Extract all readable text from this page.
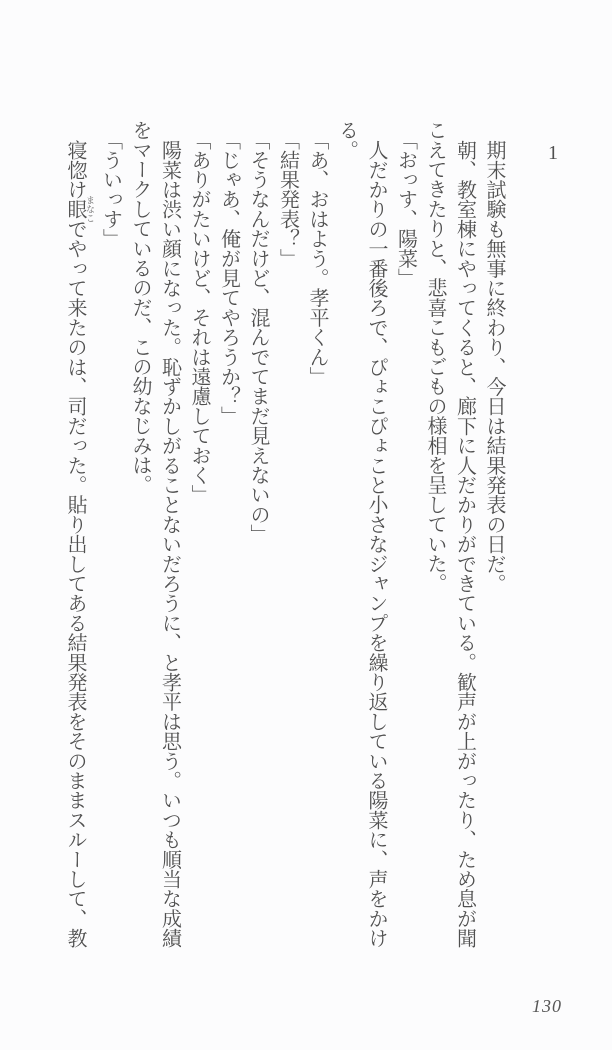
1

期末試験も無事に終わり、今日は結果発表の日だ。

朝、教室棟にやってくると、廊下に人だかりができている。歓声が上がったり、ため息が聞こえてきたりと、悲喜こもごもの様相を呈していた。

「おっす、陽菜」

人だかりの一番後ろで、ぴょこぴょこと小さなジャンプを繰り返している陽菜に、声をかける。

「あ、おはよう。孝平くん」

「結果発表？」

「そうなんだけど、混んでてまだ見えないの」

「じゃあ、俺が見てやろうか？」

「ありがたいけど、それは遠慮しておく」

陽菜は渋い顔になった。恥ずかしがることないだろうに、と孝平は思う。いつも順当な成績をマークしているのだ、この幼なじみは。

「ういっす」

寝惚け眼 まなこでやって来たのは、司だった。貼り出してある結果発表をそのままスルーして、教

130
